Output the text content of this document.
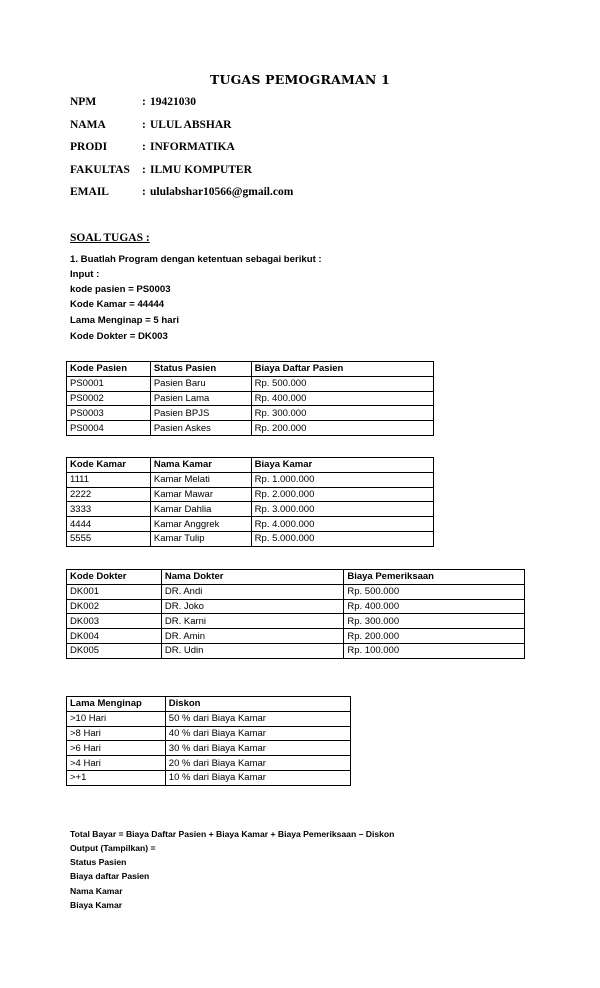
TUGAS PEMOGRAMAN 1
NPM	: 19421030
NAMA	: ULUL ABSHAR
PRODI	: INFORMATIKA
FAKULTAS : ILMU KOMPUTER
EMAIL	: ululabshar10566@gmail.com
SOAL TUGAS :
1. Buatlah Program dengan ketentuan sebagai berikut :
Input :
kode pasien = PS0003
Kode Kamar = 44444
Lama Menginap = 5 hari
Kode Dokter = DK003
Kode Pasien	Status Pasien	Biaya Daftar Pasien
PS0001	Pasien Baru	Rp. 500.000
PS0002	Pasien Lama	Rp. 400.000
PS0003	Pasien BPJS	Rp. 300.000
PS0004	Pasien Askes	Rp. 200.000
Kode Kamar	Nama Kamar	Biaya Kamar
1111	Kamar Melati	Rp. 1.000.000
2222	Kamar Mawar	Rp. 2.000.000
3333	Kamar Dahlia	Rp. 3.000.000
4444	Kamar Anggrek	Rp. 4.000.000
5555	Kamar Tulip	Rp. 5.000.000
Kode Dokter	Nama Dokter	Biaya Pemeriksaan
DK001	DR. Andi	Rp. 500.000
DK002	DR. Joko	Rp. 400.000
DK003	DR. Karni	Rp. 300.000
DK004	DR. Amin	Rp. 200.000
DK005	DR. Udin	Rp. 100.000
Lama Menginap	Diskon
>10 Hari	50 % dari Biaya Kamar
>8 Hari	40 % dari Biaya Kamar
>6 Hari	30 % dari Biaya Kamar
>4 Hari	20 % dari Biaya Kamar
>+1	10 % dari Biaya Kamar
Total Bayar = Biaya Daftar Pasien + Biaya Kamar + Biaya Pemeriksaan – Diskon
Output (Tampilkan) =
Status Pasien
Biaya daftar Pasien
Nama Kamar
Biaya Kamar
